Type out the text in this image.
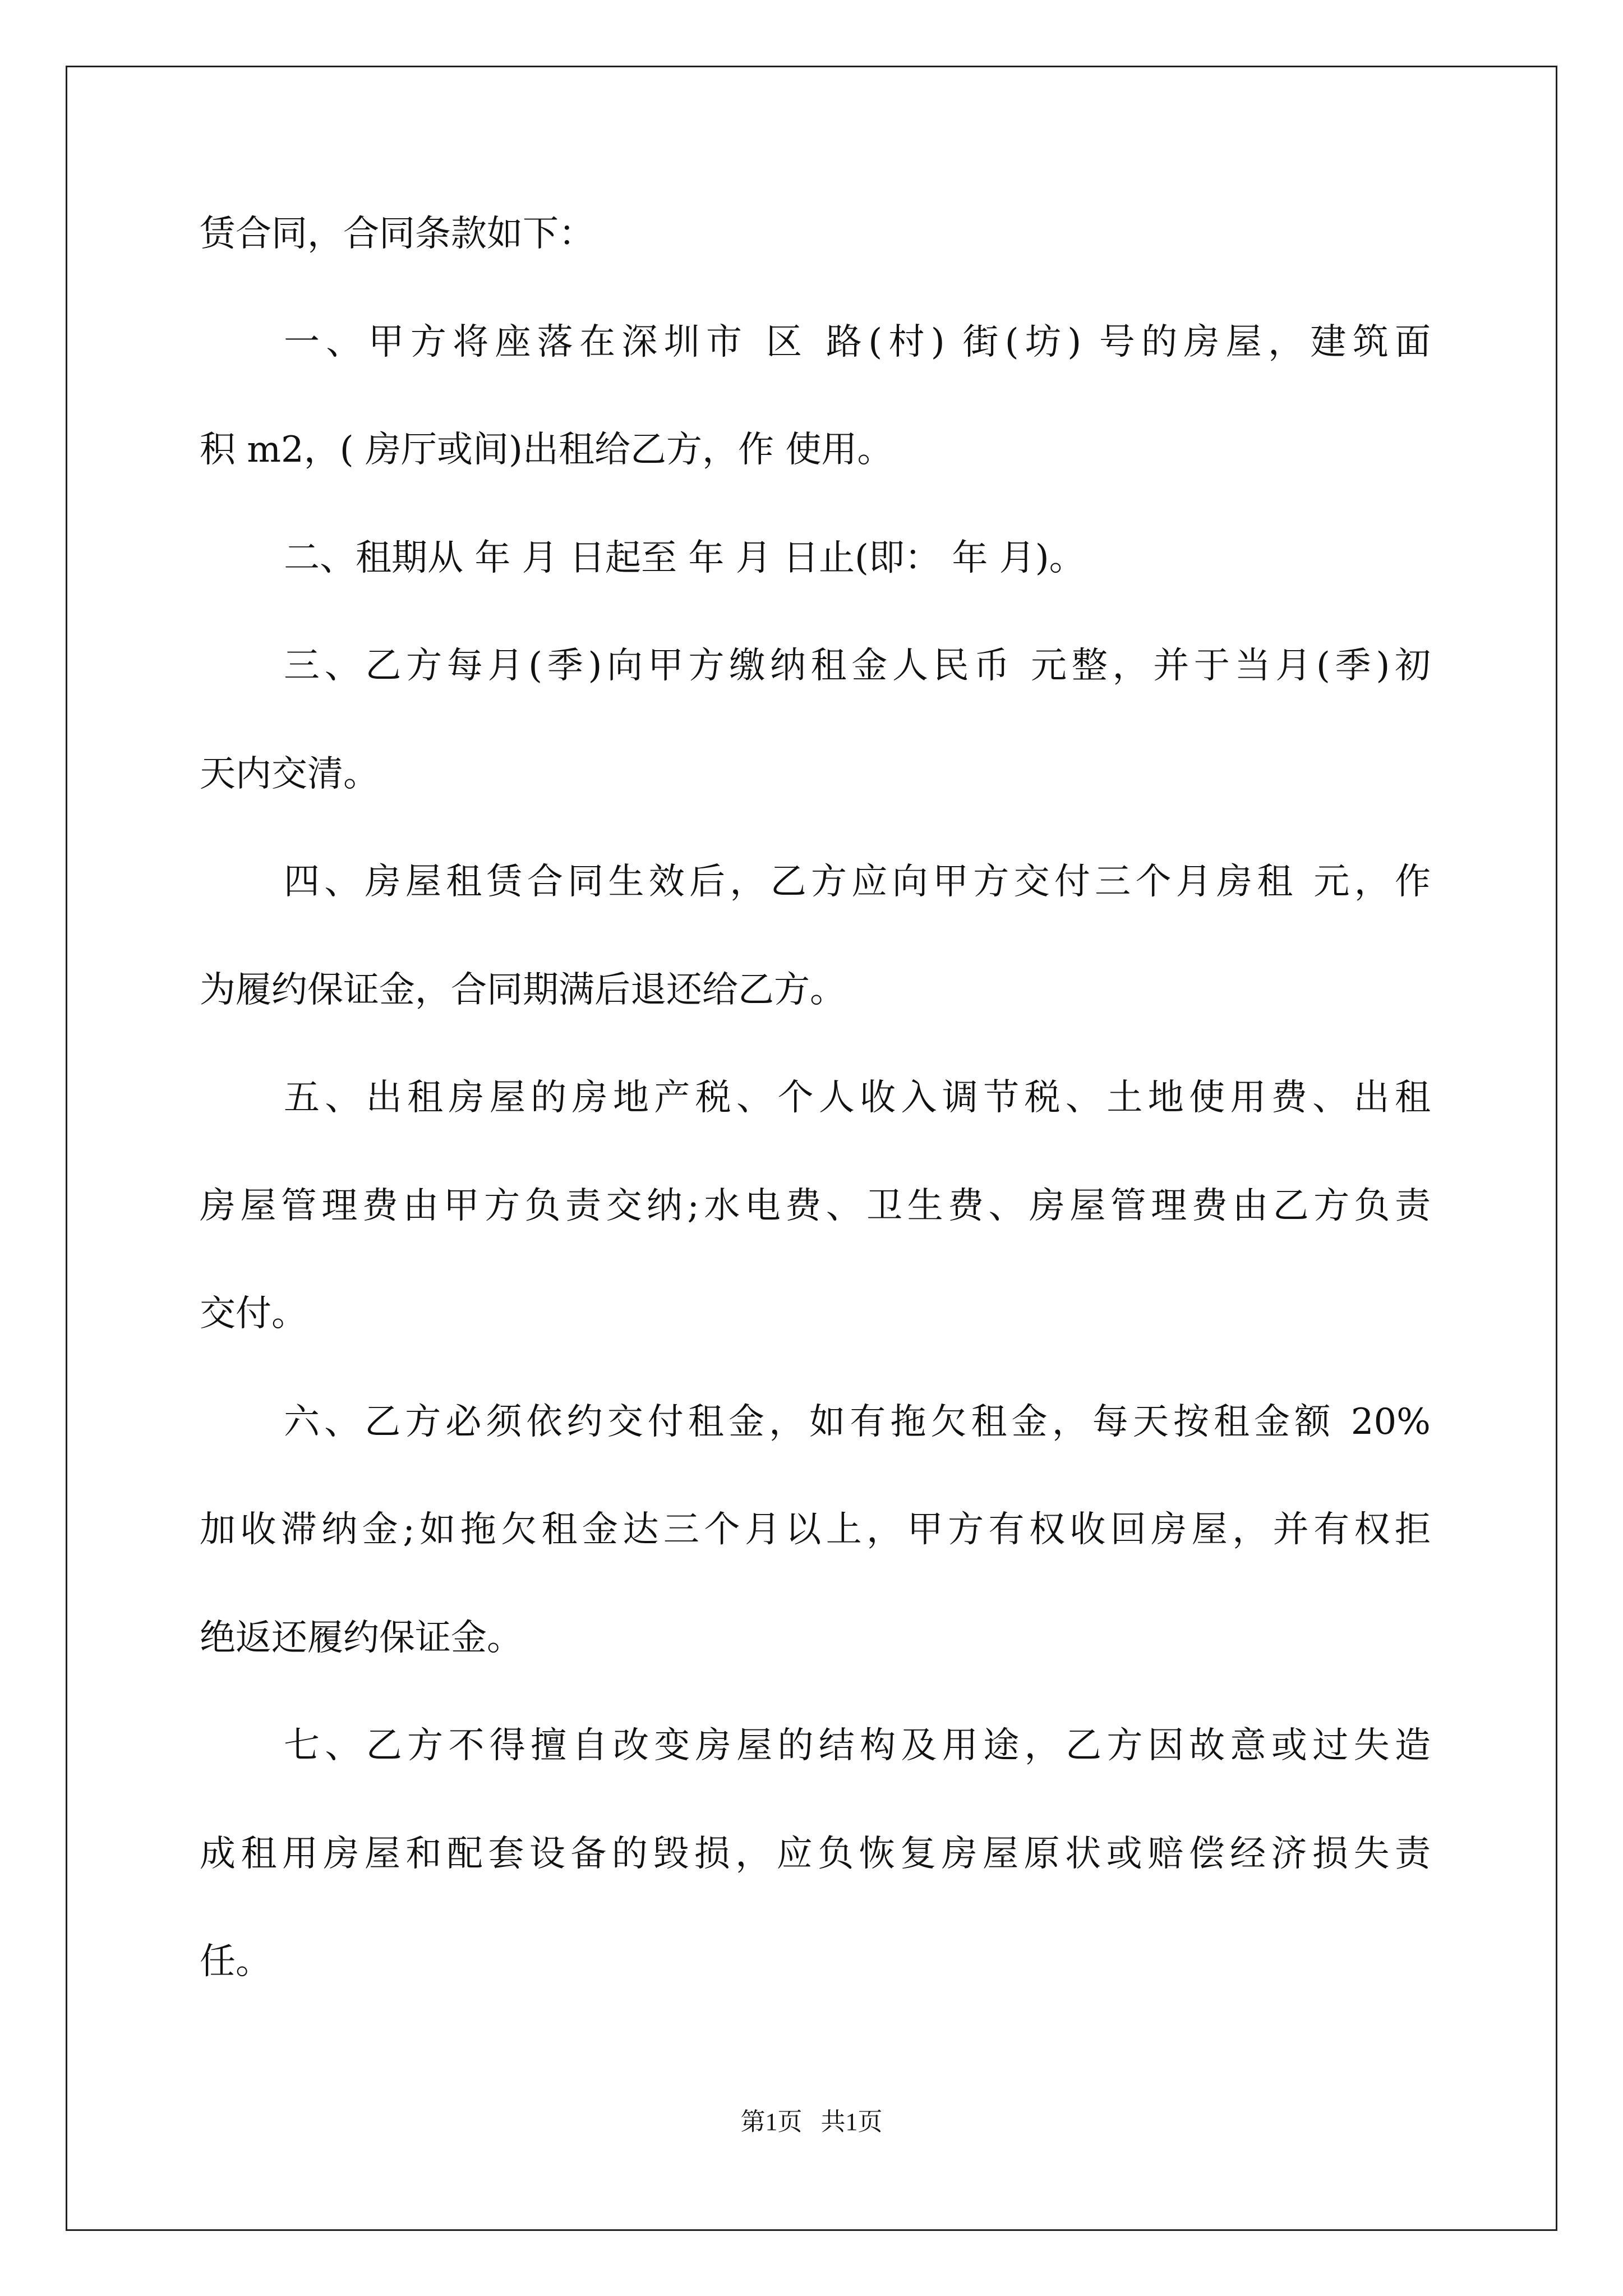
赁合同，合同条款如下：
一、甲方将座落在深圳市 区 路(村) 街(坊) 号的房屋，建筑面
积 m2，( 房厅或间)出租给乙方，作 使用。
二、租期从 年 月 日起至 年 月 日止(即： 年 月)。
三、乙方每月(季)向甲方缴纳租金人民币 元整，并于当月(季)初
天内交清。
四、房屋租赁合同生效后，乙方应向甲方交付三个月房租 元，作
为履约保证金，合同期满后退还给乙方。
五、出租房屋的房地产税、个人收入调节税、土地使用费、出租
房屋管理费由甲方负责交纳;水电费、卫生费、房屋管理费由乙方负责
交付。
六、乙方必须依约交付租金，如有拖欠租金，每天按租金额 20%
加收滞纳金;如拖欠租金达三个月以上，甲方有权收回房屋，并有权拒
绝返还履约保证金。
七、乙方不得擅自改变房屋的结构及用途，乙方因故意或过失造
成租用房屋和配套设备的毁损，应负恢复房屋原状或赔偿经济损失责
任。
第1页   共1页
